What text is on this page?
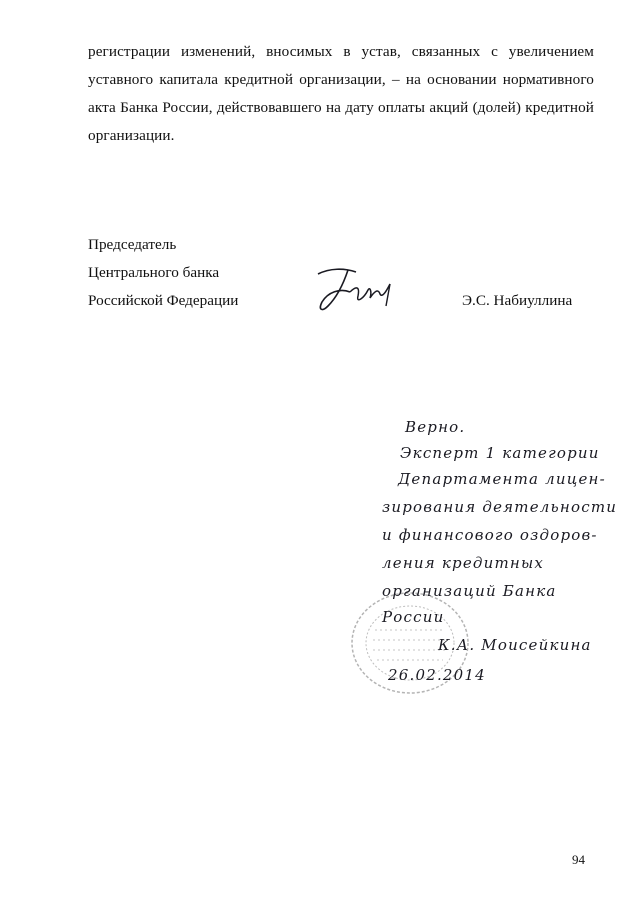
регистрации изменений, вносимых в устав, связанных с увеличением уставного капитала кредитной организации, – на основании нормативного акта Банка России, действовавшего на дату оплаты акций (долей) кредитной организации.

Председатель
Центрального банка
Российской Федерации	Э.С. Набиуллина
Верно.
Эксперт 1 категории
Департамента лицен-
зирования деятельности
и финансового оздоров-
ления кредитных
организаций Банка
России
К.А. Моисейкина
26.02.2014
94
